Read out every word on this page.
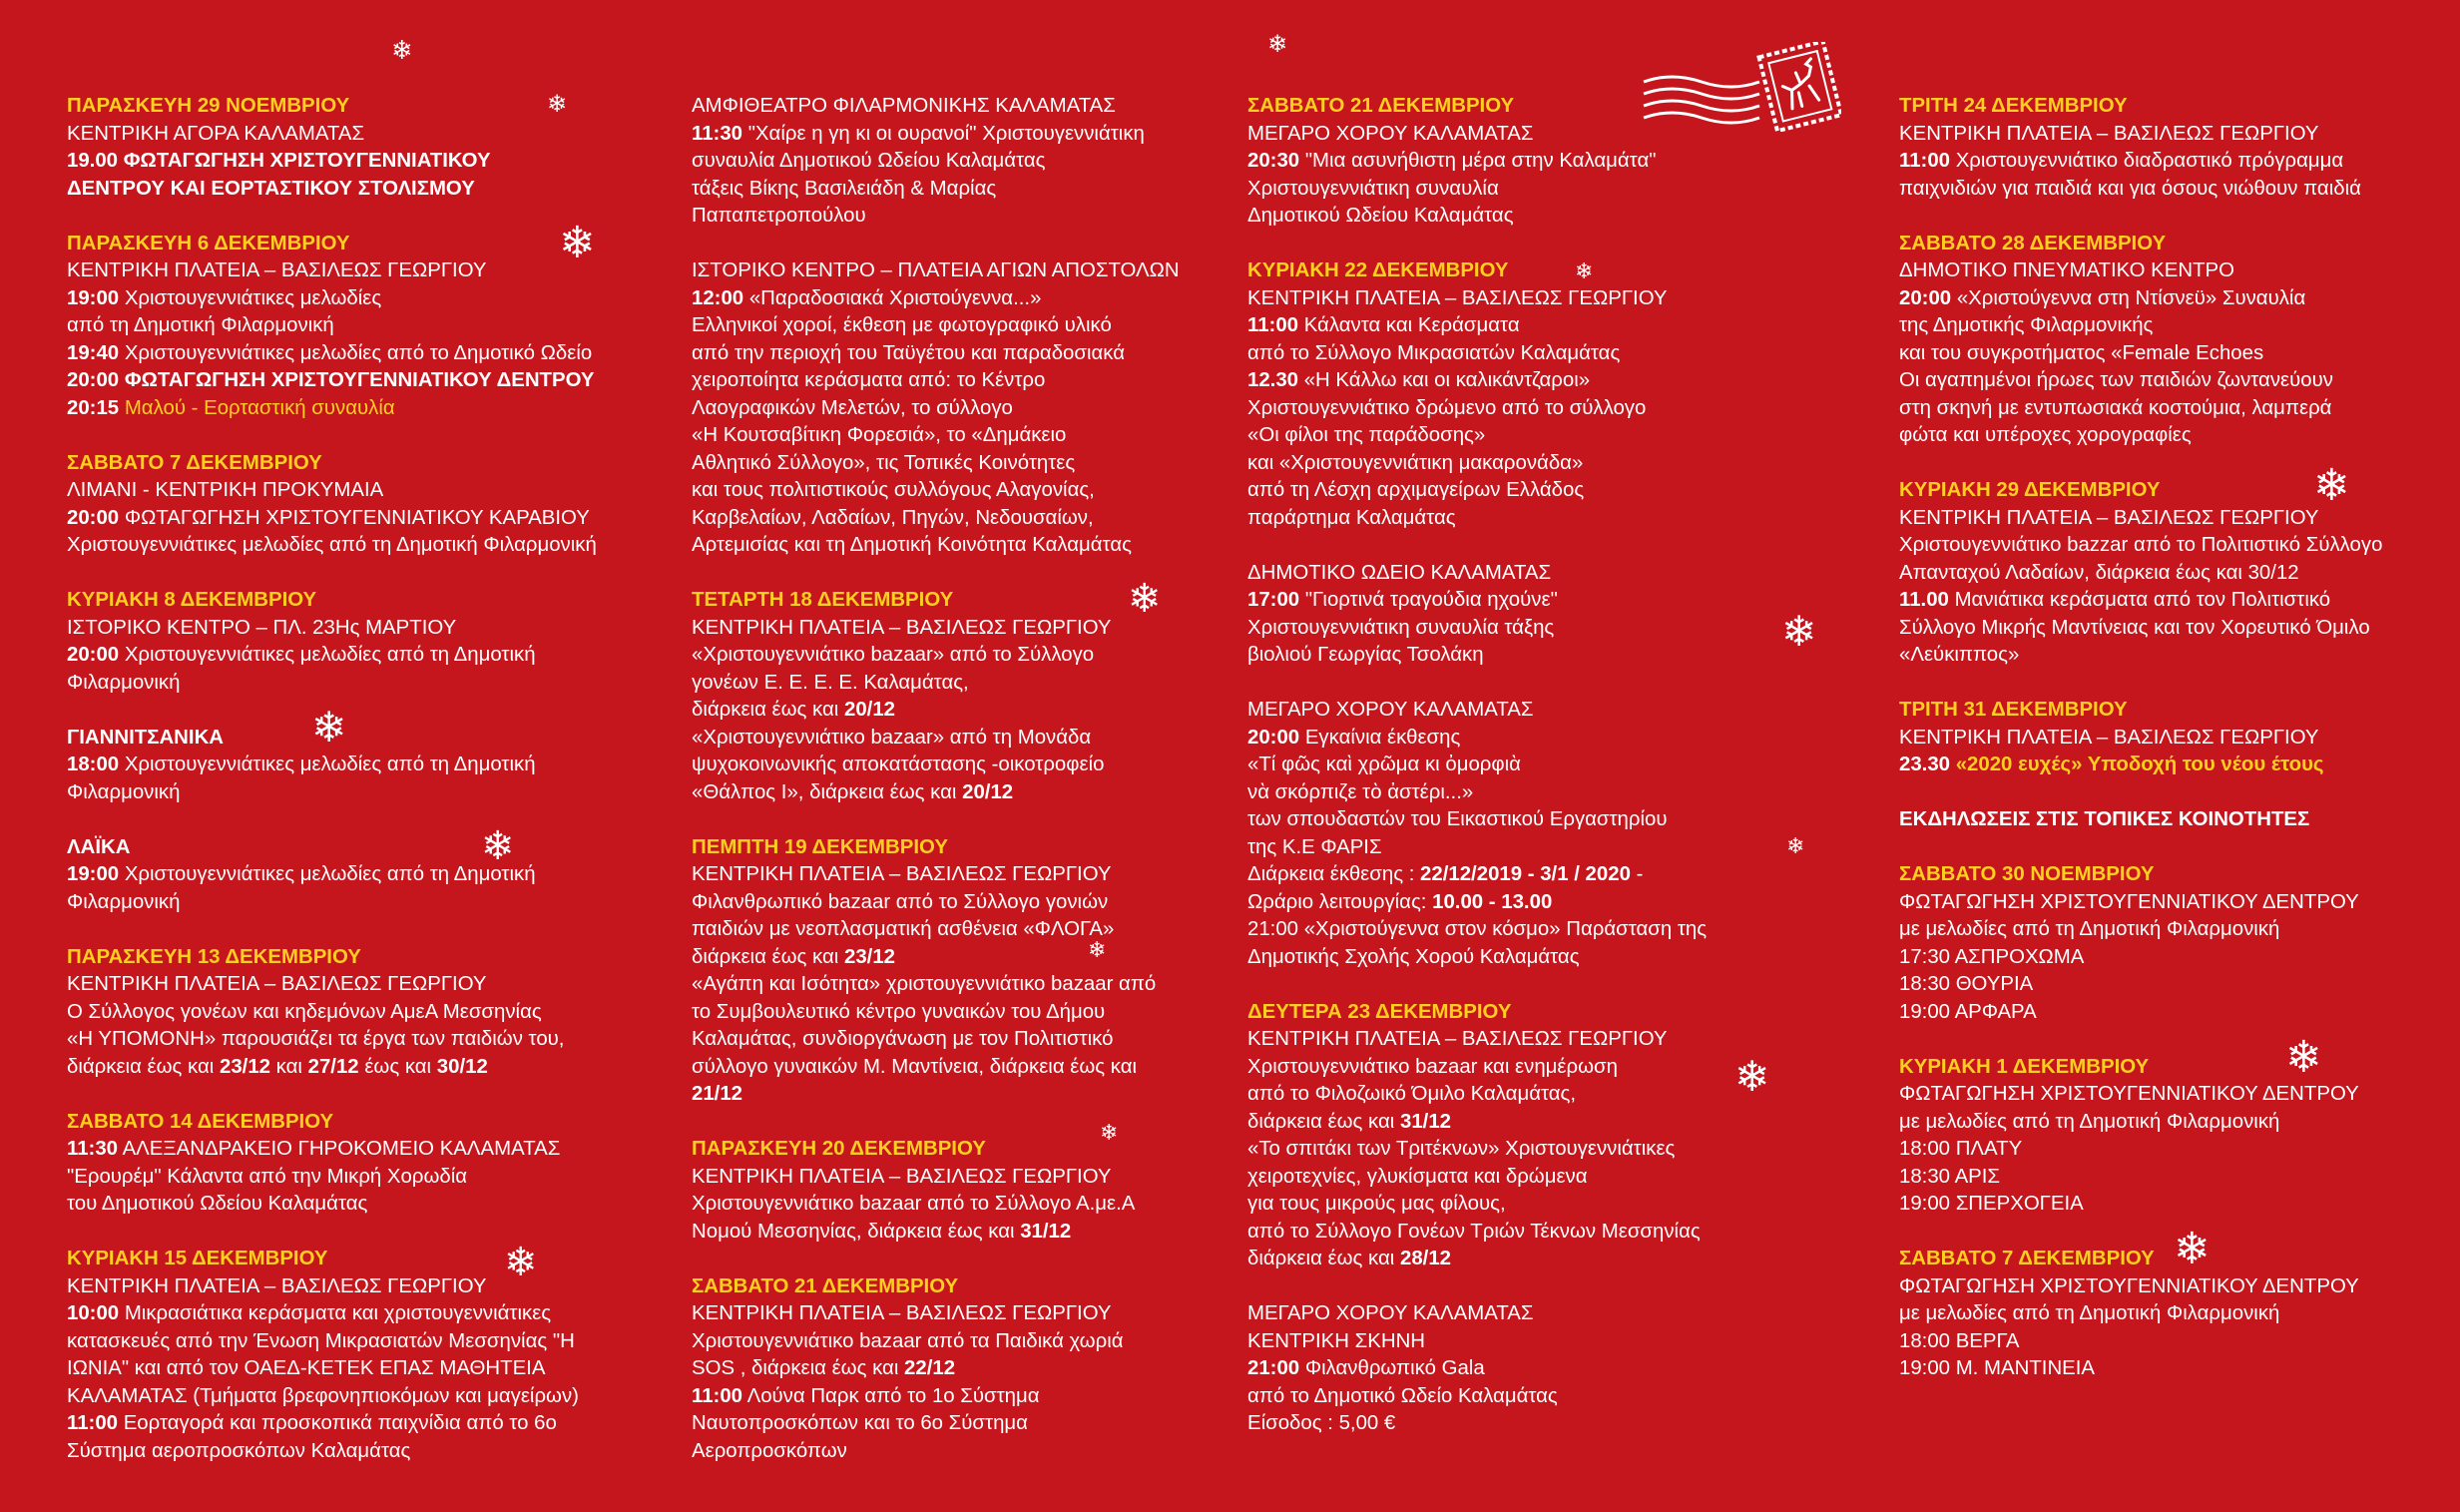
❄
❄
❄
❄
❄
❄
❄
❄
❄
❄
❄
❄
❄
❄
❄
❄
❄
ΠΑΡΑΣΚΕΥΗ 29 ΝΟΕΜΒΡΙΟΥ
ΚΕΝΤΡΙΚΗ ΑΓΟΡΑ ΚΑΛΑΜΑΤΑΣ
19.00 ΦΩΤΑΓΩΓΗΣΗ ΧΡΙΣΤΟΥΓΕΝΝΙΑΤΙΚΟΥ
ΔΕΝΤΡΟΥ ΚΑΙ ΕΟΡΤΑΣΤΙΚΟΥ ΣΤΟΛΙΣΜΟΥ
ΠΑΡΑΣΚΕΥΗ 6 ΔΕΚΕΜΒΡΙΟΥ
ΚΕΝΤΡΙΚΗ ΠΛΑΤΕΙΑ – ΒΑΣΙΛΕΩΣ ΓΕΩΡΓΙΟΥ
19:00 Χριστουγεννιάτικες μελωδίες
από τη Δημοτική Φιλαρμονική
19:40 Χριστουγεννιάτικες μελωδίες από το Δημοτικό Ωδείο
20:00 ΦΩΤΑΓΩΓΗΣΗ ΧΡΙΣΤΟΥΓΕΝΝΙΑΤΙΚΟΥ ΔΕΝΤΡΟΥ
20:15 Μαλού - Εορταστική συναυλία
ΣΑΒΒΑΤΟ 7 ΔΕΚΕΜΒΡΙΟΥ
ΛΙΜΑΝΙ - ΚΕΝΤΡΙΚΗ ΠΡΟΚΥΜΑΙΑ
20:00 ΦΩΤΑΓΩΓΗΣΗ ΧΡΙΣΤΟΥΓΕΝΝΙΑΤΙΚΟΥ ΚΑΡΑΒΙΟΥ
Χριστουγεννιάτικες μελωδίες από τη Δημοτική Φιλαρμονική
ΚΥΡΙΑΚΗ 8 ΔΕΚΕΜΒΡΙΟΥ
ΙΣΤΟΡΙΚΟ ΚΕΝΤΡΟ – ΠΛ. 23Ης ΜΑΡΤΙΟΥ
20:00 Χριστουγεννιάτικες μελωδίες από τη Δημοτική
Φιλαρμονική
ΓΙΑΝΝΙΤΣΑΝΙΚΑ
18:00 Χριστουγεννιάτικες μελωδίες από τη Δημοτική
Φιλαρμονική
ΛΑΪΚΑ
19:00 Χριστουγεννιάτικες μελωδίες από τη Δημοτική
Φιλαρμονική
ΠΑΡΑΣΚΕΥΗ 13 ΔΕΚΕΜΒΡΙΟΥ
ΚΕΝΤΡΙΚΗ ΠΛΑΤΕΙΑ – ΒΑΣΙΛΕΩΣ ΓΕΩΡΓΙΟΥ
Ο Σύλλογος γονέων και κηδεμόνων ΑμεΑ Μεσσηνίας
«Η ΥΠΟΜΟΝΗ» παρουσιάζει τα έργα των παιδιών του,
διάρκεια έως και 23/12 και 27/12 έως και 30/12
ΣΑΒΒΑΤΟ 14 ΔΕΚΕΜΒΡΙΟΥ
11:30 ΑΛΕΞΑΝΔΡΑΚΕΙΟ ΓΗΡΟΚΟΜΕΙΟ ΚΑΛΑΜΑΤΑΣ
"Ερουρέμ" Κάλαντα από την Μικρή Χορωδία
του Δημοτικού Ωδείου Καλαμάτας
ΚΥΡΙΑΚΗ 15 ΔΕΚΕΜΒΡΙΟΥ
ΚΕΝΤΡΙΚΗ ΠΛΑΤΕΙΑ – ΒΑΣΙΛΕΩΣ ΓΕΩΡΓΙΟΥ
10:00 Μικρασιάτικα κεράσματα και χριστουγεννιάτικες
κατασκευές από την Ένωση Μικρασιατών Μεσσηνίας "Η
ΙΩΝΙΑ" και από τον ΟΑΕΔ-ΚΕΤΕΚ ΕΠΑΣ ΜΑΘΗΤΕΙΑ
ΚΑΛΑΜΑΤΑΣ (Τμήματα βρεφονηπιοκόμων και μαγείρων)
11:00 Εορταγορά και προσκοπικά παιχνίδια από το 6ο
Σύστημα αεροπροσκόπων Καλαμάτας
ΑΜΦΙΘΕΑΤΡΟ ΦΙΛΑΡΜΟΝΙΚΗΣ ΚΑΛΑΜΑΤΑΣ
11:30 "Χαίρε η γη κι οι ουρανοί" Χριστουγεννιάτικη
συναυλία Δημοτικού Ωδείου Καλαμάτας
τάξεις Βίκης Βασιλειάδη & Μαρίας
Παπαπετροπούλου
ΙΣΤΟΡΙΚΟ ΚΕΝΤΡΟ – ΠΛΑΤΕΙΑ ΑΓΙΩΝ ΑΠΟΣΤΟΛΩΝ
12:00 «Παραδοσιακά Χριστούγεννα...»
Ελληνικοί χοροί, έκθεση με φωτογραφικό υλικό
από την περιοχή του Ταϋγέτου και παραδοσιακά
χειροποίητα κεράσματα από: το Κέντρο
Λαογραφικών Μελετών, το σύλλογο
«Η Κουτσαβίτικη Φορεσιά», το «Δημάκειο
Αθλητικό Σύλλογο», τις Τοπικές Κοινότητες
και τους πολιτιστικούς συλλόγους Αλαγονίας,
Καρβελαίων, Λαδαίων, Πηγών, Νεδουσαίων,
Αρτεμισίας και τη Δημοτική Κοινότητα Καλαμάτας
ΤΕΤΑΡΤΗ 18 ΔΕΚΕΜΒΡΙΟΥ
ΚΕΝΤΡΙΚΗ ΠΛΑΤΕΙΑ – ΒΑΣΙΛΕΩΣ ΓΕΩΡΓΙΟΥ
«Χριστουγεννιάτικο bazaar» από το Σύλλογο
γονέων Ε. Ε. Ε. Ε. Καλαμάτας,
διάρκεια έως και 20/12
«Χριστουγεννιάτικο bazaar» από τη Μονάδα
ψυχοκοινωνικής αποκατάστασης -οικοτροφείο
«Θάλπος Ι», διάρκεια έως και 20/12
ΠΕΜΠΤΗ 19 ΔΕΚΕΜΒΡΙΟΥ
ΚΕΝΤΡΙΚΗ ΠΛΑΤΕΙΑ – ΒΑΣΙΛΕΩΣ ΓΕΩΡΓΙΟΥ
Φιλανθρωπικό bazaar από το Σύλλογο γονιών
παιδιών με νεοπλασματική ασθένεια «ΦΛΟΓΑ»
διάρκεια έως και 23/12
«Αγάπη και Ισότητα» χριστουγεννιάτικο bazaar από
το Συμβουλευτικό κέντρο γυναικών του Δήμου
Καλαμάτας, συνδιοργάνωση με τον Πολιτιστικό
σύλλογο γυναικών Μ. Μαντίνεια, διάρκεια έως και
21/12
ΠΑΡΑΣΚΕΥΗ 20 ΔΕΚΕΜΒΡΙΟΥ
ΚΕΝΤΡΙΚΗ ΠΛΑΤΕΙΑ – ΒΑΣΙΛΕΩΣ ΓΕΩΡΓΙΟΥ
Χριστουγεννιάτικο bazaar από το Σύλλογο Α.με.Α
Νομού Μεσσηνίας, διάρκεια έως και 31/12
ΣΑΒΒΑΤΟ 21 ΔΕΚΕΜΒΡΙΟΥ
ΚΕΝΤΡΙΚΗ ΠΛΑΤΕΙΑ – ΒΑΣΙΛΕΩΣ ΓΕΩΡΓΙΟΥ
Χριστουγεννιάτικο bazaar από τα Παιδικά χωριά
SOS , διάρκεια έως και 22/12
11:00 Λούνα Παρκ από το 1ο Σύστημα
Ναυτοπροσκόπων και το 6ο Σύστημα
Αεροπροσκόπων
ΣΑΒΒΑΤΟ 21 ΔΕΚΕΜΒΡΙΟΥ
ΜΕΓΑΡΟ ΧΟΡΟΥ ΚΑΛΑΜΑΤΑΣ
20:30 "Μια ασυνήθιστη μέρα στην Καλαμάτα"
Χριστουγεννιάτικη συναυλία
Δημοτικού Ωδείου Καλαμάτας
ΚΥΡΙΑΚΗ 22 ΔΕΚΕΜΒΡΙΟΥ
ΚΕΝΤΡΙΚΗ ΠΛΑΤΕΙΑ – ΒΑΣΙΛΕΩΣ ΓΕΩΡΓΙΟΥ
11:00 Κάλαντα και Κεράσματα
από το Σύλλογο Μικρασιατών Καλαμάτας
12.30 «Η Κάλλω και οι καλικάντζαροι»
Χριστουγεννιάτικο δρώμενο από το σύλλογο
«Οι φίλοι της παράδοσης»
και «Χριστουγεννιάτικη μακαρονάδα»
από τη Λέσχη αρχιμαγείρων Ελλάδος
παράρτημα Καλαμάτας
ΔΗΜΟΤΙΚΟ ΩΔΕΙΟ ΚΑΛΑΜΑΤΑΣ
17:00 "Γιορτινά τραγούδια ηχούνε"
Χριστουγεννιάτικη συναυλία τάξης
βιολιού Γεωργίας Τσολάκη
ΜΕΓΑΡΟ ΧΟΡΟΥ ΚΑΛΑΜΑΤΑΣ
20:00 Εγκαίνια έκθεσης
«Τί φῶς καὶ χρῶμα κι ὀμορφιὰ
νὰ σκόρπιζε τὸ ἀστέρι...»
των σπουδαστών του Εικαστικού Εργαστηρίου
της Κ.Ε ΦΑΡΙΣ
Διάρκεια έκθεσης : 22/12/2019 - 3/1 / 2020 -
Ωράριο λειτουργίας: 10.00 - 13.00
21:00 «Χριστούγεννα στον κόσμο» Παράσταση της
Δημοτικής Σχολής Χορού Καλαμάτας
ΔΕΥΤΕΡΑ 23 ΔΕΚΕΜΒΡΙΟΥ
ΚΕΝΤΡΙΚΗ ΠΛΑΤΕΙΑ – ΒΑΣΙΛΕΩΣ ΓΕΩΡΓΙΟΥ
Χριστουγεννιάτικο bazaar και ενημέρωση
από το Φιλοζωικό Όμιλο Καλαμάτας,
διάρκεια έως και 31/12
«Το σπιτάκι των Τριτέκνων» Χριστουγεννιάτικες
χειροτεχνίες, γλυκίσματα και δρώμενα
για τους μικρούς μας φίλους,
από το Σύλλογο Γονέων Τριών Τέκνων Μεσσηνίας
διάρκεια έως και 28/12
ΜΕΓΑΡΟ ΧΟΡΟΥ ΚΑΛΑΜΑΤΑΣ
ΚΕΝΤΡΙΚΗ ΣΚΗΝΗ
21:00 Φιλανθρωπικό Gala
από το Δημοτικό Ωδείο Καλαμάτας
Είσοδος : 5,00 €
ΤΡΙΤΗ 24 ΔΕΚΕΜΒΡΙΟΥ
ΚΕΝΤΡΙΚΗ ΠΛΑΤΕΙΑ – ΒΑΣΙΛΕΩΣ ΓΕΩΡΓΙΟΥ
11:00 Χριστουγεννιάτικο διαδραστικό πρόγραμμα
παιχνιδιών για παιδιά και για όσους νιώθουν παιδιά
ΣΑΒΒΑΤΟ 28 ΔΕΚΕΜΒΡΙΟΥ
ΔΗΜΟΤΙΚΟ ΠΝΕΥΜΑΤΙΚΟ ΚΕΝΤΡΟ
20:00 «Χριστούγεννα στη Ντίσνεϋ» Συναυλία
της Δημοτικής Φιλαρμονικής
και του συγκροτήματος «Female Echoes
Οι αγαπημένοι ήρωες των παιδιών ζωντανεύουν
στη σκηνή με εντυπωσιακά κοστούμια, λαμπερά
φώτα και υπέροχες χορογραφίες
ΚΥΡΙΑΚΗ 29 ΔΕΚΕΜΒΡΙΟΥ
ΚΕΝΤΡΙΚΗ ΠΛΑΤΕΙΑ – ΒΑΣΙΛΕΩΣ ΓΕΩΡΓΙΟΥ
Χριστουγεννιάτικο bazzar από το Πολιτιστικό Σύλλογο
Απανταχού Λαδαίων, διάρκεια έως και 30/12
11.00 Μανιάτικα κεράσματα από τον Πολιτιστικό
Σύλλογο Μικρής Μαντίνειας και τον Χορευτικό Όμιλο
«Λεύκιππος»
ΤΡΙΤΗ 31 ΔΕΚΕΜΒΡΙΟΥ
ΚΕΝΤΡΙΚΗ ΠΛΑΤΕΙΑ – ΒΑΣΙΛΕΩΣ ΓΕΩΡΓΙΟΥ
23.30 «2020 ευχές» Υποδοχή του νέου έτους
ΕΚΔΗΛΩΣΕΙΣ ΣΤΙΣ ΤΟΠΙΚΕΣ ΚΟΙΝΟΤΗΤΕΣ
ΣΑΒΒΑΤΟ 30 ΝΟΕΜΒΡΙΟΥ
ΦΩΤΑΓΩΓΗΣΗ ΧΡΙΣΤΟΥΓΕΝΝΙΑΤΙΚΟΥ ΔΕΝΤΡΟΥ
με μελωδίες από τη Δημοτική Φιλαρμονική
17:30 ΑΣΠΡΟΧΩΜΑ
18:30 ΘΟΥΡΙΑ
19:00 ΑΡΦΑΡΑ
ΚΥΡΙΑΚΗ 1 ΔΕΚΕΜΒΡΙΟΥ
ΦΩΤΑΓΩΓΗΣΗ ΧΡΙΣΤΟΥΓΕΝΝΙΑΤΙΚΟΥ ΔΕΝΤΡΟΥ
με μελωδίες από τη Δημοτική Φιλαρμονική
18:00 ΠΛΑΤΥ
18:30 ΑΡΙΣ
19:00 ΣΠΕΡΧΟΓΕΙΑ
ΣΑΒΒΑΤΟ 7 ΔΕΚΕΜΒΡΙΟΥ
ΦΩΤΑΓΩΓΗΣΗ ΧΡΙΣΤΟΥΓΕΝΝΙΑΤΙΚΟΥ ΔΕΝΤΡΟΥ
με μελωδίες από τη Δημοτική Φιλαρμονική
18:00 ΒΕΡΓΑ
19:00 Μ. ΜΑΝΤΙΝΕΙΑ
